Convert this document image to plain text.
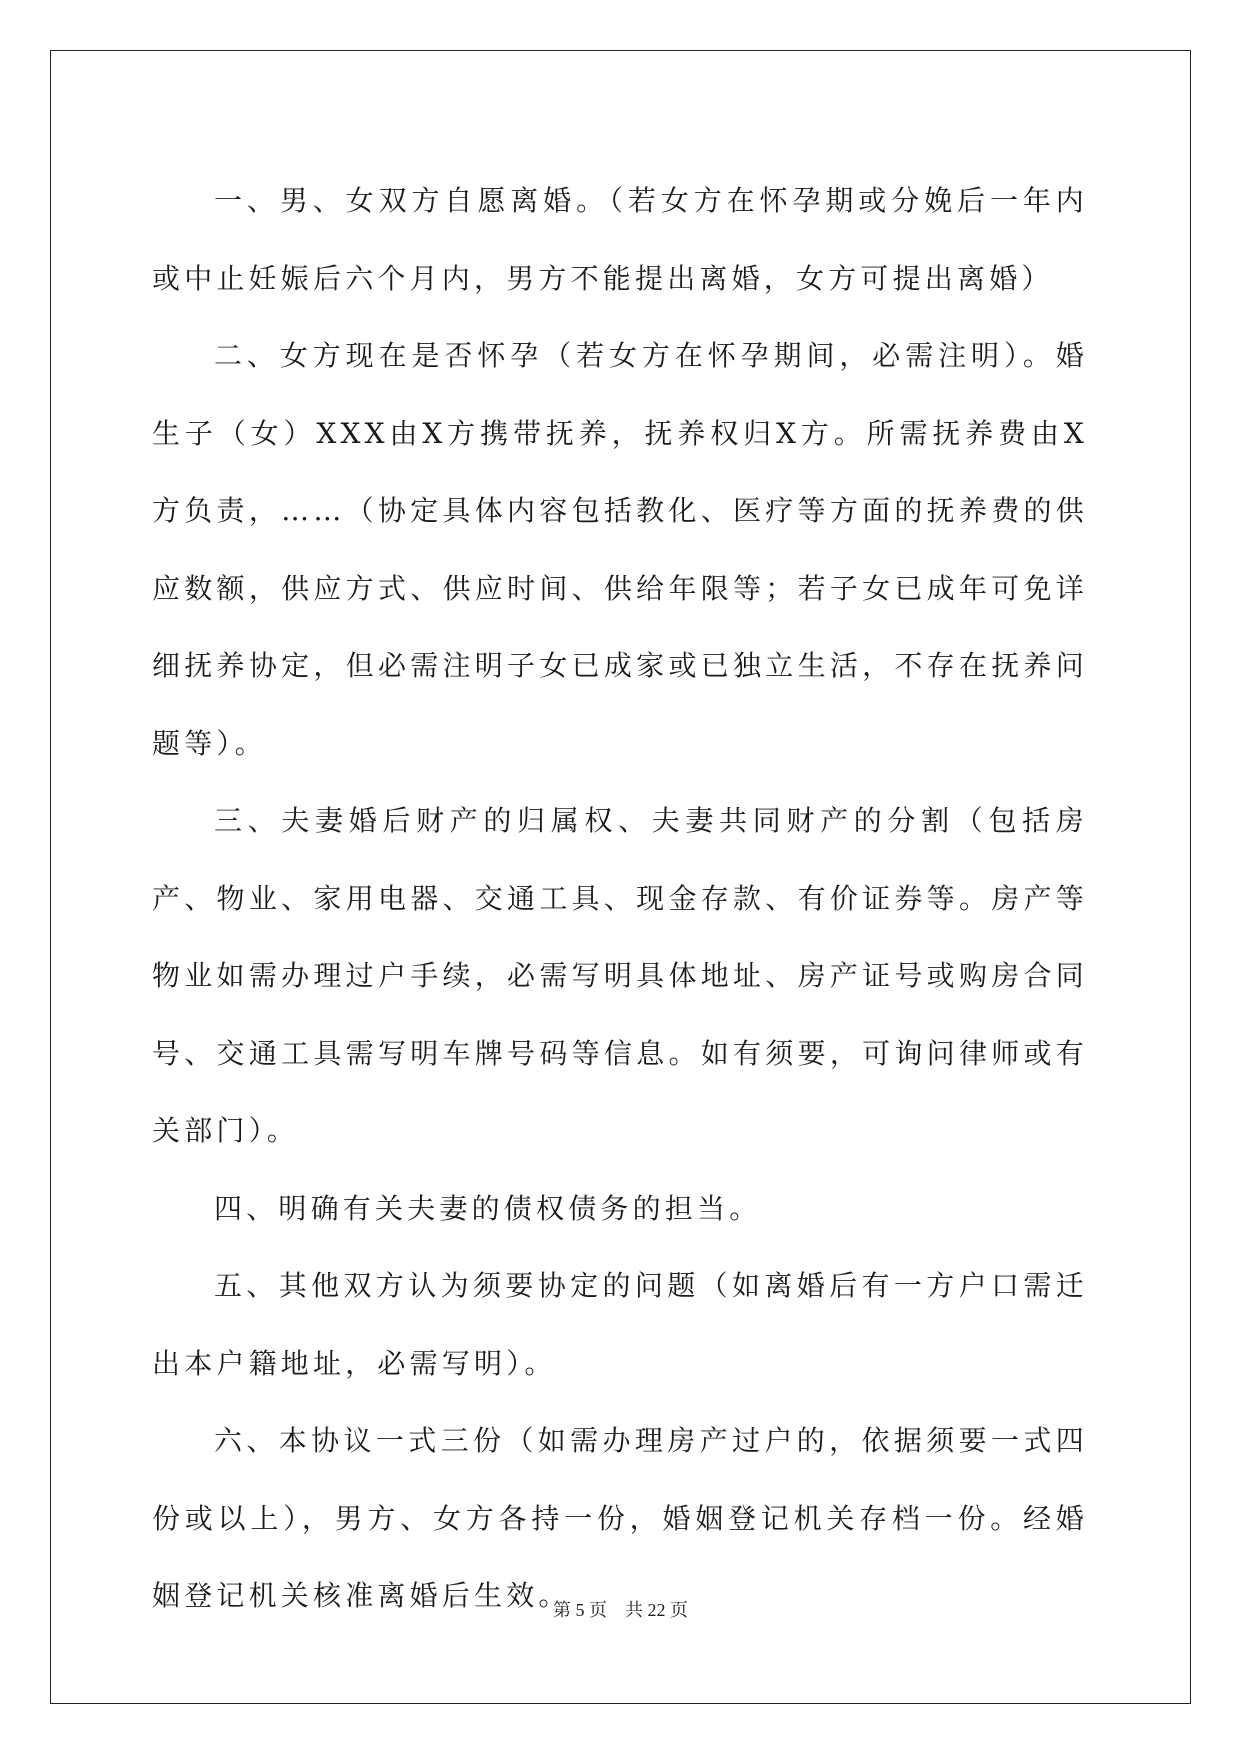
一、男、女双方自愿离婚。（若女方在怀孕期或分娩后一年内或中止妊娠后六个月内，男方不能提出离婚，女方可提出离婚）

二、女方现在是否怀孕（若女方在怀孕期间，必需注明）。婚生子（女）XXX由X方携带抚养，抚养权归X方。所需抚养费由X方负责，……（协定具体内容包括教化、医疗等方面的抚养费的供应数额，供应方式、供应时间、供给年限等；若子女已成年可免详细抚养协定，但必需注明子女已成家或已独立生活，不存在抚养问题等）。

三、夫妻婚后财产的归属权、夫妻共同财产的分割（包括房产、物业、家用电器、交通工具、现金存款、有价证券等。房产等物业如需办理过户手续，必需写明具体地址、房产证号或购房合同号、交通工具需写明车牌号码等信息。如有须要，可询问律师或有关部门）。

四、明确有关夫妻的债权债务的担当。

五、其他双方认为须要协定的问题（如离婚后有一方户口需迁出本户籍地址，必需写明）。

六、本协议一式三份（如需办理房产过户的，依据须要一式四份或以上），男方、女方各持一份，婚姻登记机关存档一份。经婚姻登记机关核准离婚后生效。

第 5 页    共 22 页
